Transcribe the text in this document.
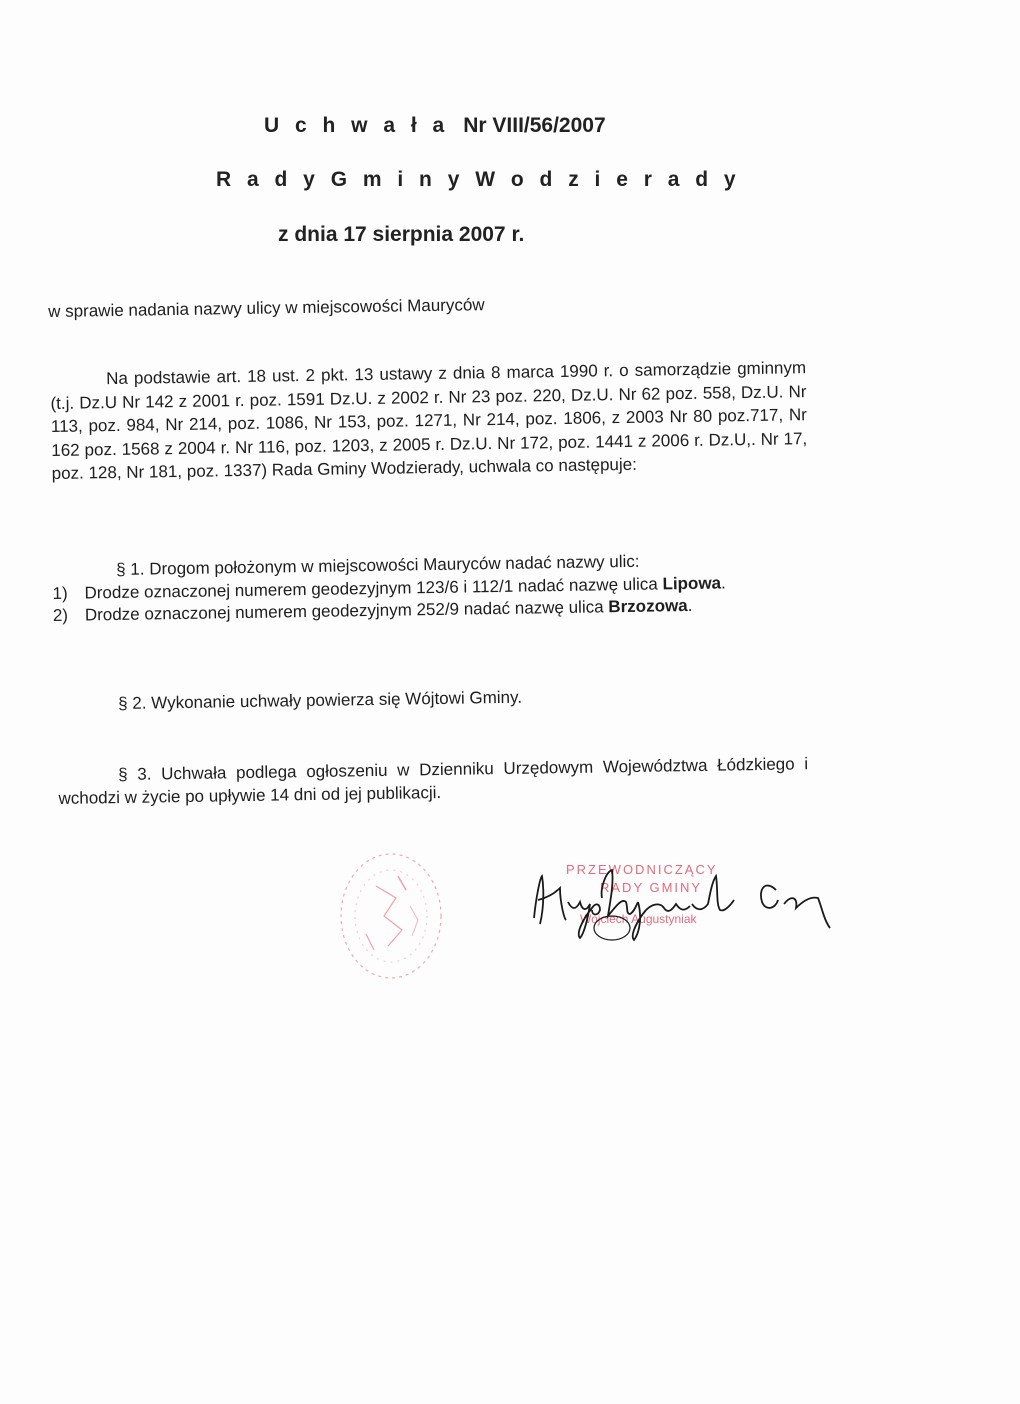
U c h w a ł a Nr VIII/56/2007
R a d y G m i n y W o d z i e r a d y
z dnia 17 sierpnia 2007 r.
w sprawie nadania nazwy ulicy w miejscowości Mauryców
Na podstawie art. 18 ust. 2 pkt. 13 ustawy z dnia 8 marca 1990 r. o samorządzie gminnym (t.j. Dz.U Nr 142 z 2001 r. poz. 1591 Dz.U. z 2002 r. Nr 23 poz. 220, Dz.U. Nr 62 poz. 558, Dz.U. Nr 113, poz. 984, Nr 214, poz. 1086, Nr 153, poz. 1271, Nr 214, poz. 1806, z 2003 Nr 80 poz.717, Nr 162 poz. 1568 z 2004 r. Nr 116, poz. 1203, z 2005 r. Dz.U. Nr 172, poz. 1441 z 2006 r. Dz.U,. Nr 17, poz. 128, Nr 181, poz. 1337) Rada Gminy Wodzierady, uchwala co następuje:
§ 1. Drogom położonym w miejscowości Mauryców nadać nazwy ulic:
1) Drodze oznaczonej numerem geodezyjnym 123/6 i 112/1 nadać nazwę ulica Lipowa.
2) Drodze oznaczonej numerem geodezyjnym 252/9 nadać nazwę ulica Brzozowa.
§ 2. Wykonanie uchwały powierza się Wójtowi Gminy.
§ 3. Uchwała podlega ogłoszeniu w Dzienniku Urzędowym Województwa Łódzkiego i wchodzi w życie po upływie 14 dni od jej publikacji.
PRZEWODNICZĄCY
RADY GMINY
Wojciech Augustyniak
